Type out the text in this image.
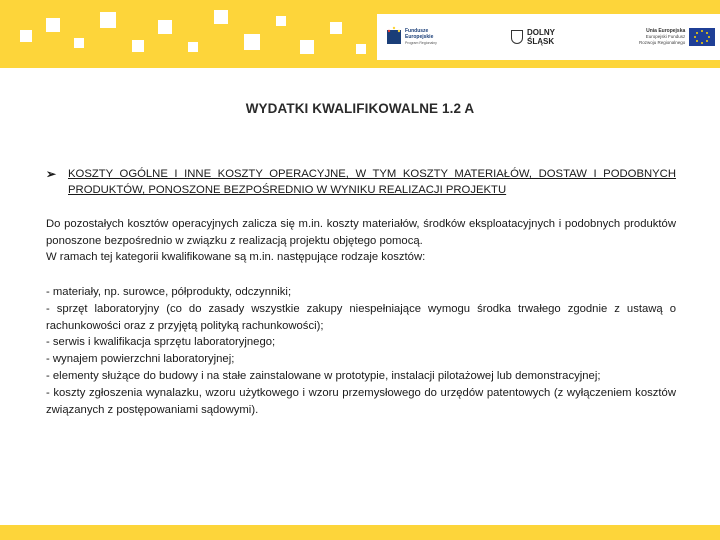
Fundusze
Europejskie
Program Regionalny
DOLNY
ŚLĄSK
Unia Europejska
Europejski Fundusz
Rozwoju Regionalnego
WYDATKI KWALIFIKOWALNE 1.2 A
➢ KOSZTY OGÓLNE I INNE KOSZTY OPERACYJNE, W TYM KOSZTY MATERIAŁÓW, DOSTAW I PODOBNYCH PRODUKTÓW, PONOSZONE BEZPOŚREDNIO W WYNIKU REALIZACJI PROJEKTU
Do pozostałych kosztów operacyjnych zalicza się m.in. koszty materiałów, środków eksploatacyjnych i podobnych produktów ponoszone bezpośrednio w związku z realizacją projektu objętego pomocą.
W ramach tej kategorii kwalifikowane są m.in. następujące rodzaje kosztów:
- materiały, np. surowce, półprodukty, odczynniki;
- sprzęt laboratoryjny (co do zasady wszystkie zakupy niespełniające wymogu środka trwałego zgodnie z ustawą o rachunkowości oraz z przyjętą polityką rachunkowości);
- serwis i kwalifikacja sprzętu laboratoryjnego;
- wynajem powierzchni laboratoryjnej;
- elementy służące do budowy i na stałe zainstalowane w prototypie, instalacji pilotażowej lub demonstracyjnej;
- koszty zgłoszenia wynalazku, wzoru użytkowego i wzoru przemysłowego do urzędów patentowych (z wyłączeniem kosztów związanych z postępowaniami sądowymi).
